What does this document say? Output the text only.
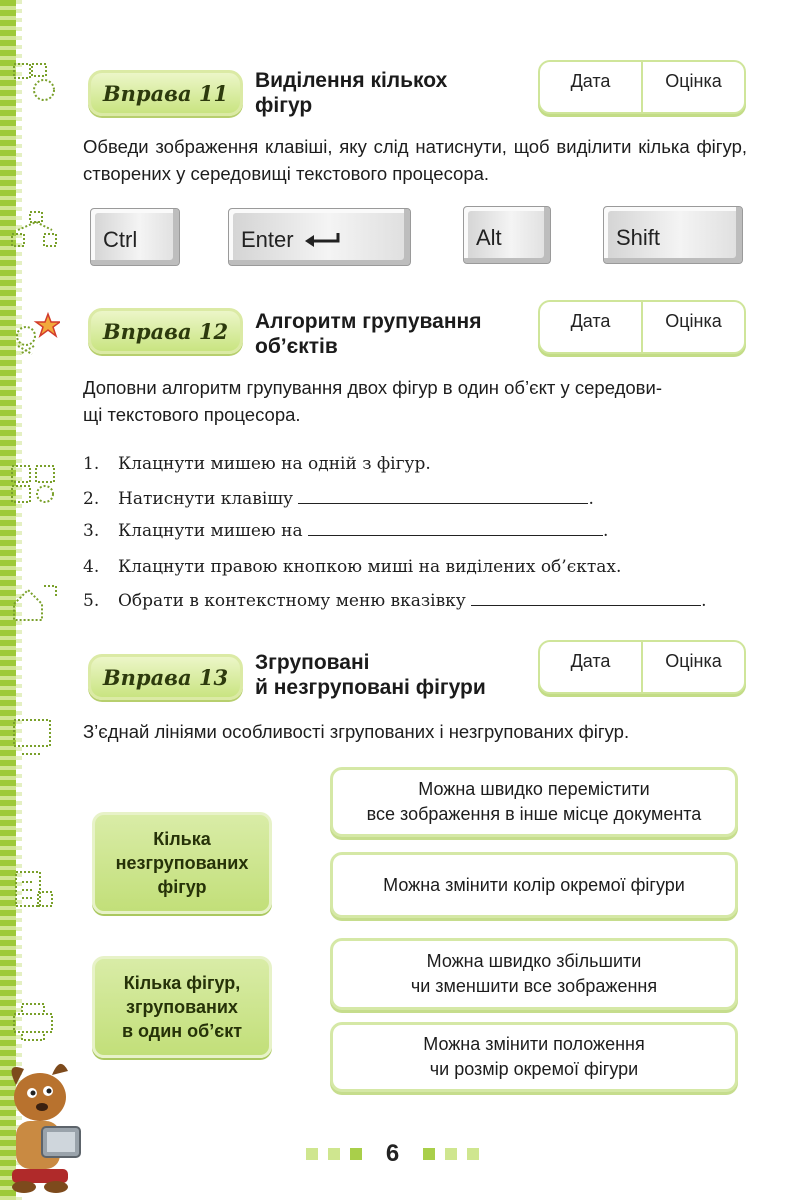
Вправа 11	Виділення кількох
фігур
Дата	Оцінка
Обведи зображення клавіші, яку слід натиснути, щоб виділити кілька фігур, створених у середовищі текстового процесора.
Ctrl	Enter	Alt	Shift
Вправа 12	Алгоритм групування
об’єктів
Дата	Оцінка
Доповни алгоритм групування двох фігур в один об’єкт у середови-
щі текстового процесора.
1. Клацнути мишею на одній з фігур.
2. Натиснути клавішу	.
3. Клацнути мишею на	.
4. Клацнути правою кнопкою миші на виділених об’єктах.
5. Обрати в контекстному меню вказівку	.
Вправа 13
Згруповані
й незгруповані фігури
Дата	Оцінка
З’єднай лініями особливості згрупованих і незгрупованих фігур.
Кілька
незгрупованих
фігур
Кілька фігур,
згрупованих
в один об’єкт
Можна швидко перемістити
все зображення в інше місце документа
Можна змінити колір окремої фігури
Можна швидко збільшити
чи зменшити все зображення
Можна змінити положення
чи розмір окремої фігури
6
